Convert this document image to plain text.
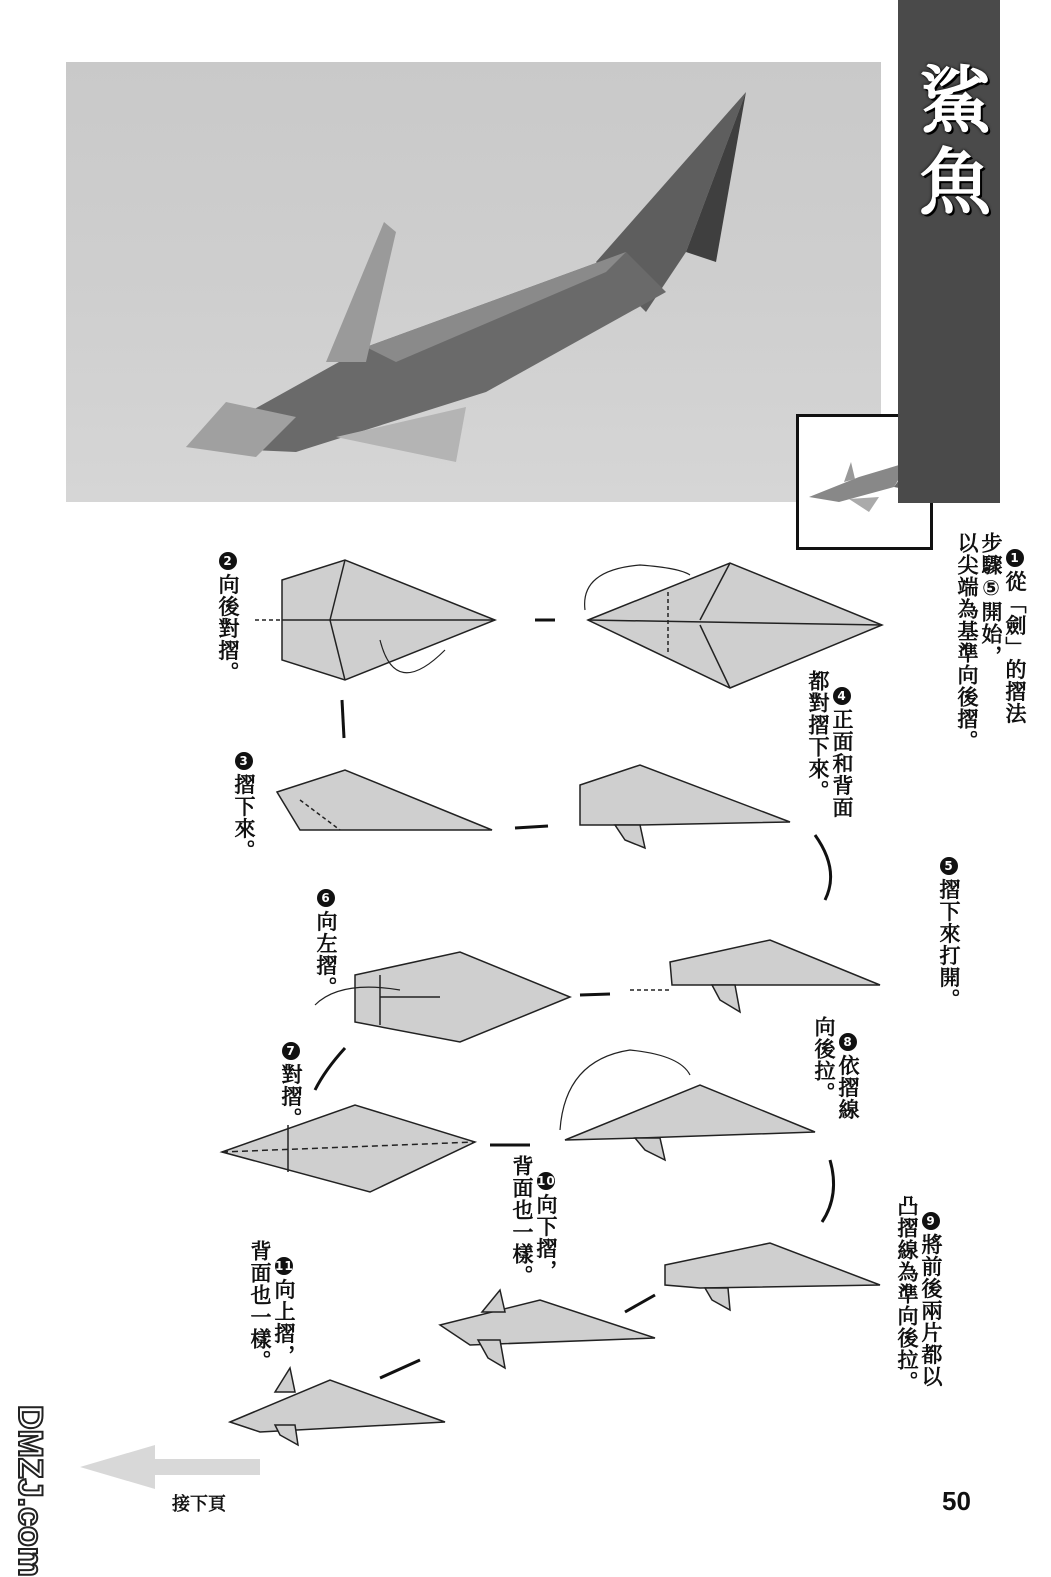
鯊魚

1從「劍」的摺法
步驟⑤開始，
以尖端為基準向後摺。

2向後對摺。

3摺下來。

4正面和背面
都對摺下來。

5摺下來打開。

6向左摺。

7對摺。

8依摺線
向後拉。

9將前後兩片都以
凸摺線為準向後拉。

10向下摺，
背面也一樣。

11向上摺，
背面也一樣。

接下頁	50
DMZJ.com
